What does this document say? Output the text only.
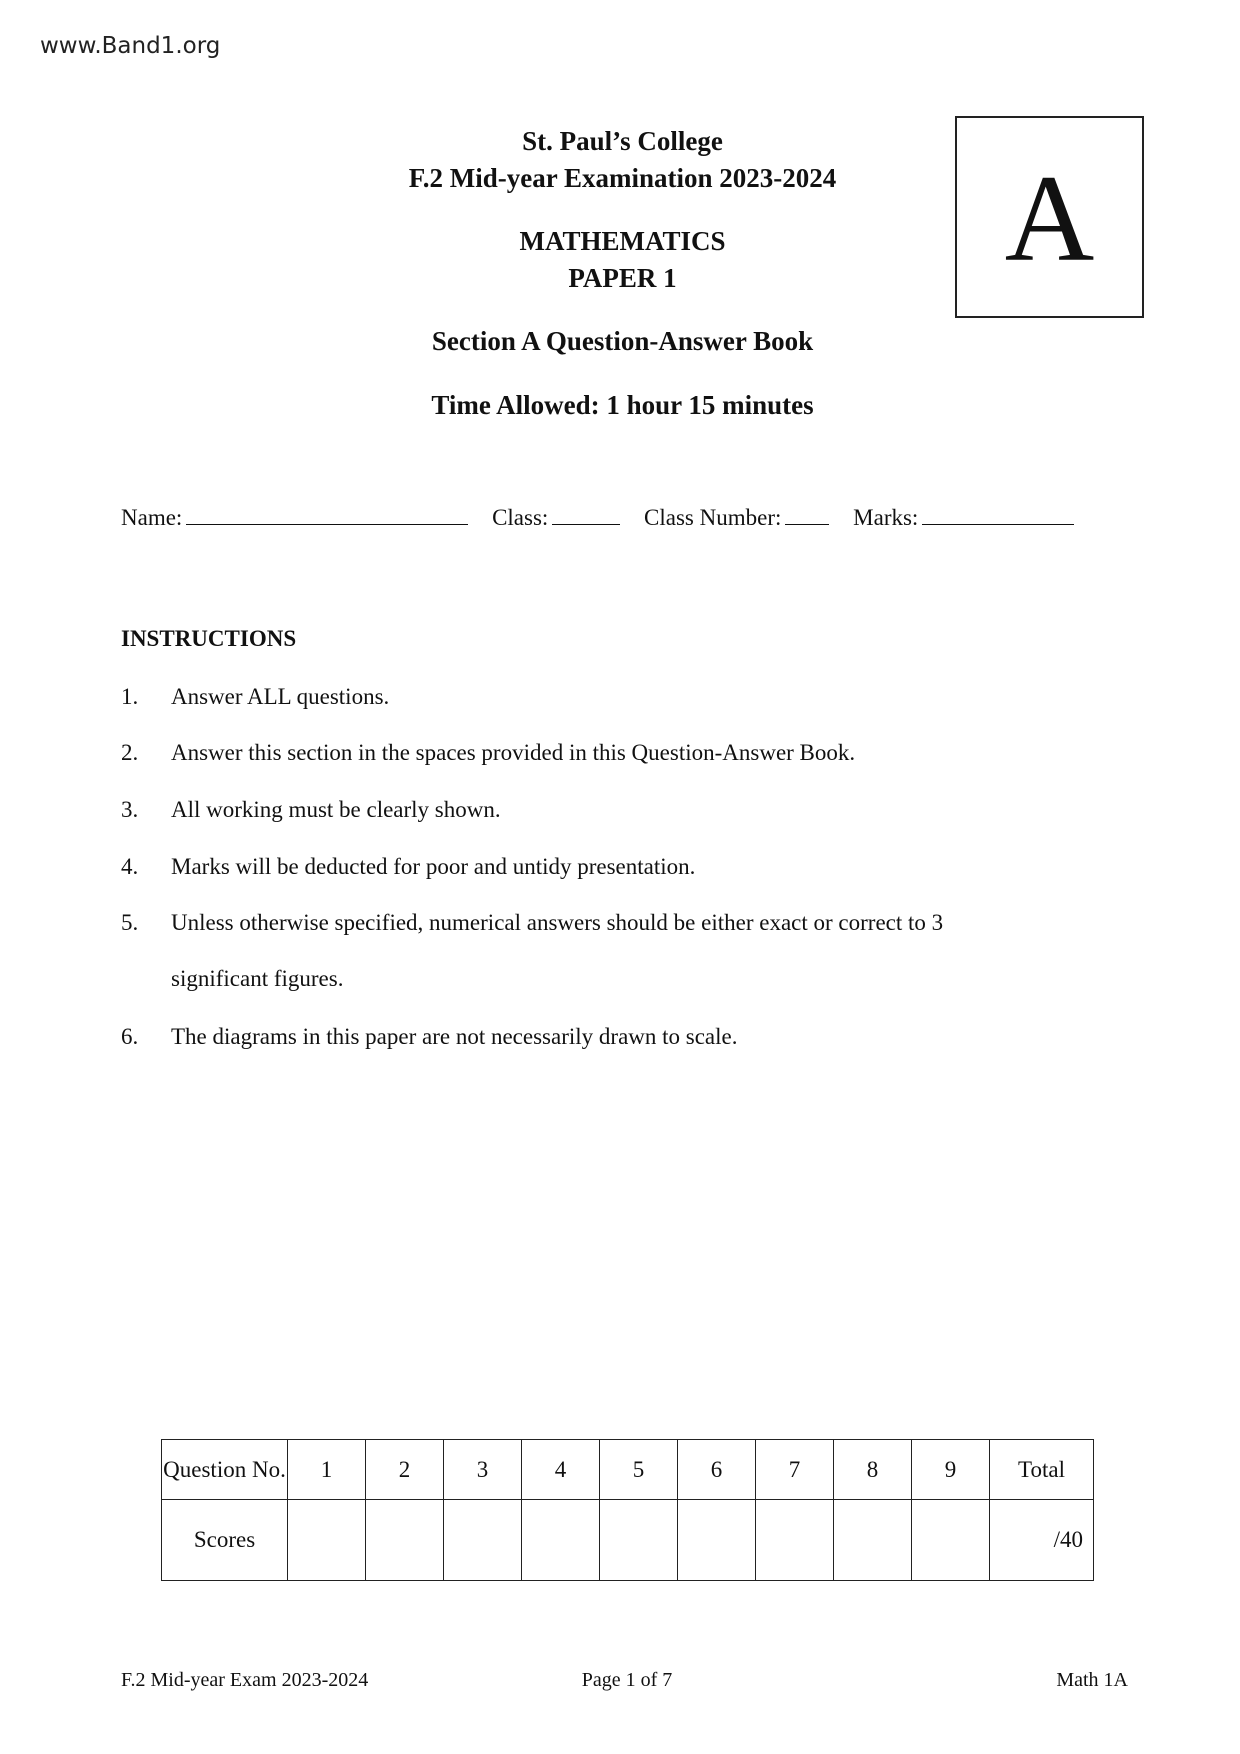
www.Band1.org
St. Paul’s College
F.2 Mid-year Examination 2023-2024
MATHEMATICS
PAPER 1
Section A Question-Answer Book
Time Allowed: 1 hour 15 minutes
A
Name:	Class:	Class Number:	Marks:
INSTRUCTIONS
1. Answer ALL questions.
2. Answer this section in the spaces provided in this Question-Answer Book.
3. All working must be clearly shown.
4. Marks will be deducted for poor and untidy presentation.
5. Unless otherwise specified, numerical answers should be either exact or correct to 3
significant figures.
6. The diagrams in this paper are not necessarily drawn to scale.
Question No.	1	2	3	4	5	6	7	8	9	Total
Scores										/40
F.2 Mid-year Exam 2023-2024	Page 1 of 7	Math 1A
